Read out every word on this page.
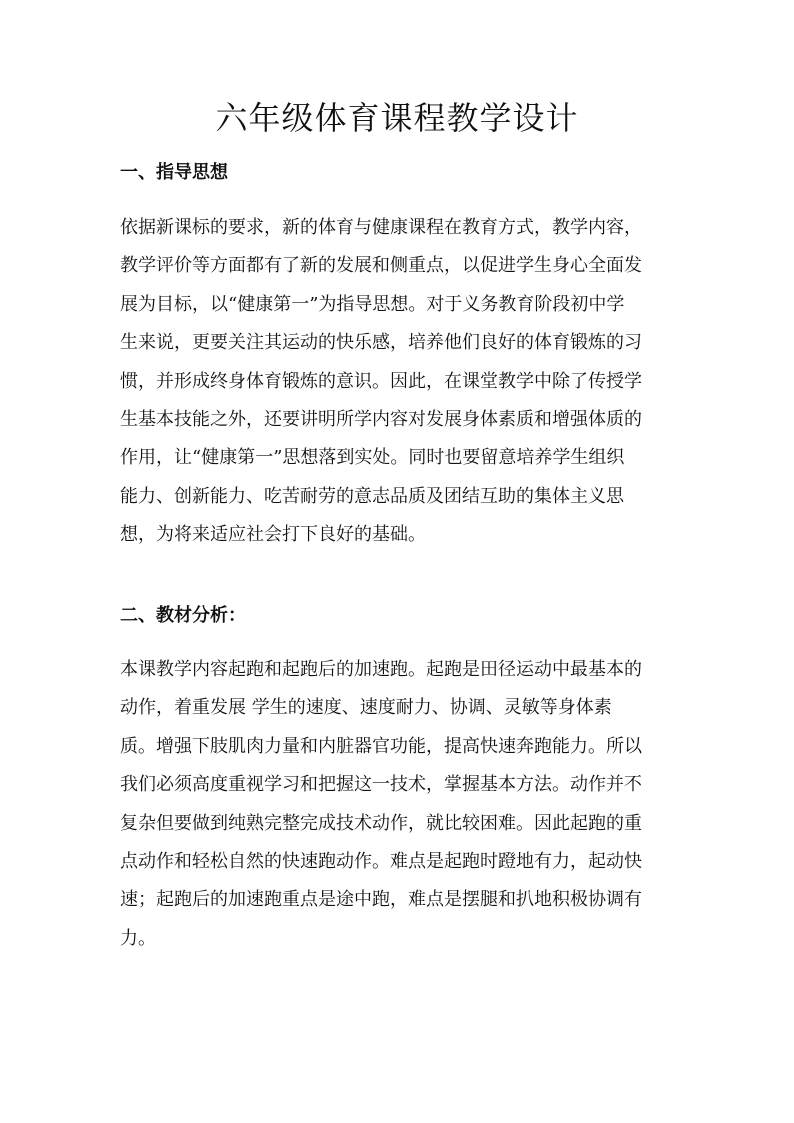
六年级体育课程教学设计
一、指导思想
依据新课标的要求，新的体育与健康课程在教育方式，教学内容，
教学评价等方面都有了新的发展和侧重点，以促进学生身心全面发
展为目标，以“健康第一”为指导思想。对于义务教育阶段初中学
生来说，更要关注其运动的快乐感，培养他们良好的体育锻炼的习
惯，并形成终身体育锻炼的意识。因此，在课堂教学中除了传授学
生基本技能之外，还要讲明所学内容对发展身体素质和增强体质的
作用，让“健康第一”思想落到实处。同时也要留意培养学生组织
能力、创新能力、吃苦耐劳的意志品质及团结互助的集体主义思
想，为将来适应社会打下良好的基础。
二、教材分析：
本课教学内容起跑和起跑后的加速跑。起跑是田径运动中最基本的
动作，着重发展 学生的速度、速度耐力、协调、灵敏等身体素
质。增强下肢肌肉力量和内脏器官功能，提高快速奔跑能力。所以
我们必须高度重视学习和把握这一技术，掌握基本方法。动作并不
复杂但要做到纯熟完整完成技术动作，就比较困难。因此起跑的重
点动作和轻松自然的快速跑动作。难点是起跑时蹬地有力，起动快
速；起跑后的加速跑重点是途中跑，难点是摆腿和扒地积极协调有
力。
